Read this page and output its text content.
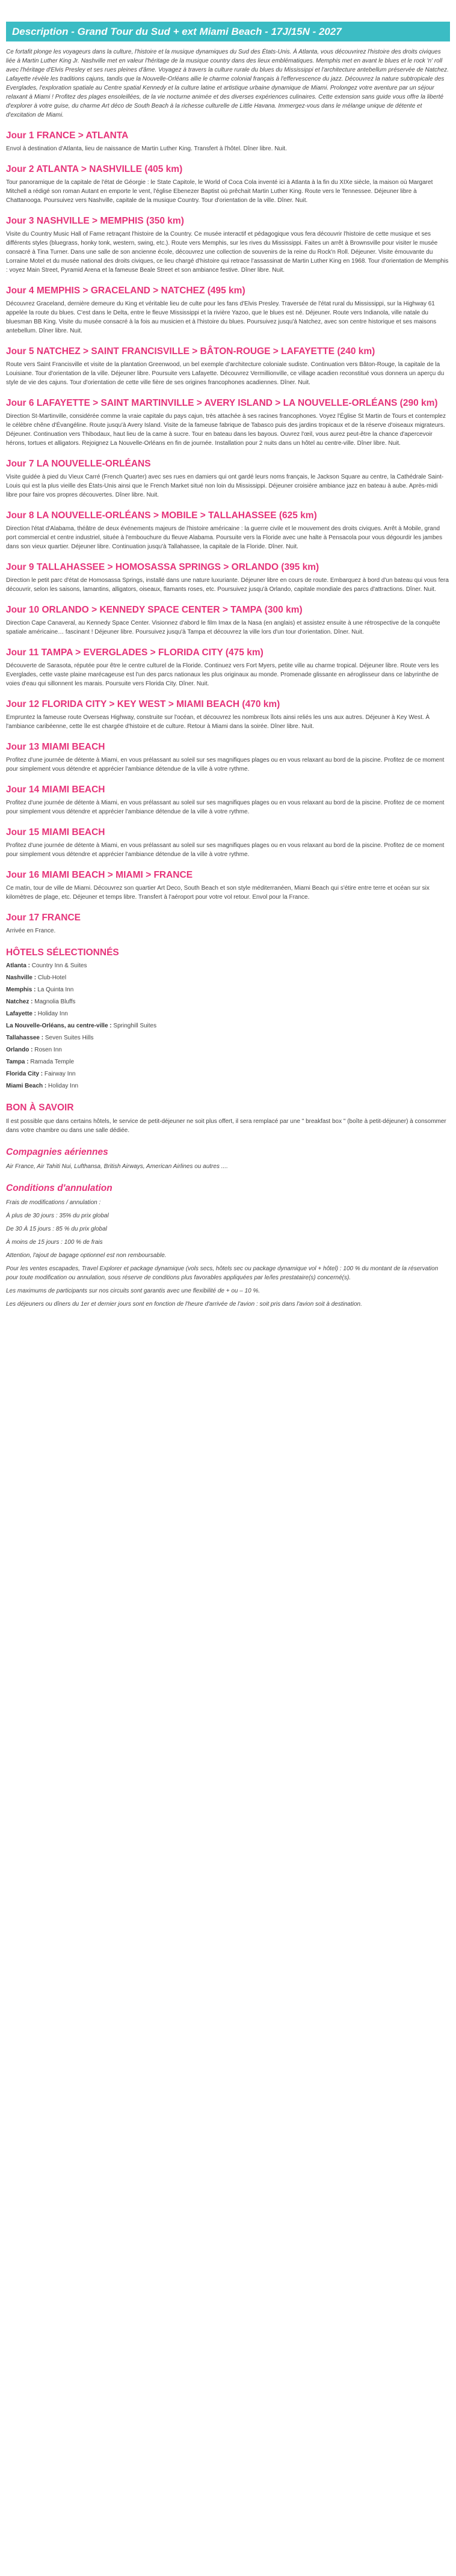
Description - Grand Tour du Sud + ext Miami Beach - 17J/15N - 2027

Ce fortafit plonge les voyageurs dans la culture, l'histoire et la musique dynamiques du Sud des États-Unis. À Atlanta, vous découvrirez l'histoire des droits civiques liée à Martin Luther King Jr. Nashville met en valeur l'héritage de la musique country dans des lieux emblématiques. Memphis met en avant le blues et le rock 'n' roll avec l'héritage d'Elvis Presley et ses rues pleines d'âme. Voyagez à travers la culture rurale du blues du Mississippi et l'architecture antebellum préservée de Natchez. Lafayette révèle les traditions cajuns, tandis que la Nouvelle-Orléans allie le charme colonial français à l'effervescence du jazz. Découvrez la nature subtropicale des Everglades, l'exploration spatiale au Centre spatial Kennedy et la culture latine et artistique urbaine dynamique de Miami. Prolongez votre aventure par un séjour relaxant à Miami ! Profitez des plages ensoleillées, de la vie nocturne animée et des diverses expériences culinaires. Cette extension sans guide vous offre la liberté d'explorer à votre guise, du charme Art déco de South Beach à la richesse culturelle de Little Havana. Immergez-vous dans le mélange unique de détente et d'excitation de Miami.

Jour 1 FRANCE > ATLANTA

Envol à destination d'Atlanta, lieu de naissance de Martin Luther King. Transfert à l'hôtel. Dîner libre. Nuit.

Jour 2 ATLANTA > NASHVILLE (405 km)

Tour panoramique de la capitale de l'état de Géorgie : le State Capitole, le World of Coca Cola inventé ici à Atlanta à la fin du XIXe siècle, la maison où Margaret Mitchell a rédigé son roman Autant en emporte le vent, l'église Ebenezer Baptist où prêchait Martin Luther King. Route vers le Tennessee. Déjeuner libre à Chattanooga. Poursuivez vers Nashville, capitale de la musique Country. Tour d'orientation de la ville. Dîner. Nuit.

Jour 3 NASHVILLE > MEMPHIS (350 km)

Visite du Country Music Hall of Fame retraçant l'histoire de la Country. Ce musée interactif et pédagogique vous fera découvrir l'histoire de cette musique et ses différents styles (bluegrass, honky tonk, western, swing, etc.). Route vers Memphis, sur les rives du Mississippi. Faites un arrêt à Brownsville pour visiter le musée consacré à Tina Turner. Dans une salle de son ancienne école, découvrez une collection de souvenirs de la reine du Rock'n Roll. Déjeuner. Visite émouvante du Lorraine Motel et du musée national des droits civiques, ce lieu chargé d'histoire qui retrace l'assassinat de Martin Luther King en 1968. Tour d'orientation de Memphis : voyez Main Street, Pyramid Arena et la fameuse Beale Street et son ambiance festive. Dîner libre. Nuit.

Jour 4 MEMPHIS > GRACELAND > NATCHEZ (495 km)

Découvrez Graceland, dernière demeure du King et véritable lieu de culte pour les fans d'Elvis Presley. Traversée de l'état rural du Mississippi, sur la Highway 61 appelée la route du blues. C'est dans le Delta, entre le fleuve Mississippi et la rivière Yazoo, que le blues est né. Déjeuner. Route vers Indianola, ville natale du bluesman BB King. Visite du musée consacré à la fois au musicien et à l'histoire du blues. Poursuivez jusqu'à Natchez, avec son centre historique et ses maisons antebellum. Dîner libre. Nuit.

Jour 5 NATCHEZ > SAINT FRANCISVILLE > BÂTON-ROUGE > LAFAYETTE (240 km)

Route vers Saint Francisville et visite de la plantation Greenwood, un bel exemple d'architecture coloniale sudiste. Continuation vers Bâton-Rouge, la capitale de la Louisiane. Tour d'orientation de la ville. Déjeuner libre. Poursuite vers Lafayette. Découvrez Vermillionville, ce village acadien reconstitué vous donnera un aperçu du style de vie des cajuns. Tour d'orientation de cette ville fière de ses origines francophones acadiennes. Dîner. Nuit.

Jour 6 LAFAYETTE > SAINT MARTINVILLE > AVERY ISLAND > LA NOUVELLE-ORLÉANS (290 km)

Direction St-Martinville, considérée comme la vraie capitale du pays cajun, très attachée à ses racines francophones. Voyez l'Église St Martin de Tours et contemplez le célèbre chêne d'Évangéline. Route jusqu'à Avery Island. Visite de la fameuse fabrique de Tabasco puis des jardins tropicaux et de la réserve d'oiseaux migrateurs. Déjeuner. Continuation vers Thibodaux, haut lieu de la came à sucre. Tour en bateau dans les bayous. Ouvrez l'œil, vous aurez peut-être la chance d'apercevoir hérons, tortues et alligators. Rejoignez La Nouvelle-Orléans en fin de journée. Installation pour 2 nuits dans un hôtel au centre-ville. Dîner libre. Nuit.

Jour 7 LA NOUVELLE-ORLÉANS

Visite guidée à pied du Vieux Carré (French Quarter) avec ses rues en damiers qui ont gardé leurs noms français, le Jackson Square au centre, la Cathédrale Saint-Louis qui est la plus vieille des États-Unis ainsi que le French Market situé non loin du Mississippi. Déjeuner croisière ambiance jazz en bateau à aube. Après-midi libre pour faire vos propres découvertes. Dîner libre. Nuit.

Jour 8 LA NOUVELLE-ORLÉANS > MOBILE > TALLAHASSEE (625 km)

Direction l'état d'Alabama, théâtre de deux événements majeurs de l'histoire américaine : la guerre civile et le mouvement des droits civiques. Arrêt à Mobile, grand port commercial et centre industriel, située à l'embouchure du fleuve Alabama. Poursuite vers la Floride avec une halte à Pensacola pour vous dégourdir les jambes dans son vieux quartier. Déjeuner libre. Continuation jusqu'à Tallahassee, la capitale de la Floride. Dîner. Nuit.

Jour 9 TALLAHASSEE > HOMOSASSA SPRINGS > ORLANDO (395 km)

Direction le petit parc d'état de Homosassa Springs, installé dans une nature luxuriante. Déjeuner libre en cours de route. Embarquez à bord d'un bateau qui vous fera découvrir, selon les saisons, lamantins, alligators, oiseaux, flamants roses, etc. Poursuivez jusqu'à Orlando, capitale mondiale des parcs d'attractions. Dîner. Nuit.

Jour 10 ORLANDO > KENNEDY SPACE CENTER > TAMPA (300 km)

Direction Cape Canaveral, au Kennedy Space Center. Visionnez d'abord le film Imax de la Nasa (en anglais) et assistez ensuite à une rétrospective de la conquête spatiale américaine… fascinant ! Déjeuner libre. Poursuivez jusqu'à Tampa et découvrez la ville lors d'un tour d'orientation. Dîner. Nuit.

Jour 11 TAMPA > EVERGLADES > FLORIDA CITY (475 km)

Découverte de Sarasota, réputée pour être le centre culturel de la Floride. Continuez vers Fort Myers, petite ville au charme tropical. Déjeuner libre. Route vers les Everglades, cette vaste plaine marécageuse est l'un des parcs nationaux les plus originaux au monde. Promenade glissante en aéroglisseur dans ce labyrinthe de voies d'eau qui sillonnent les marais. Poursuite vers Florida City. Dîner. Nuit.

Jour 12 FLORIDA CITY > KEY WEST > MIAMI BEACH (470 km)

Empruntez la fameuse route Overseas Highway, construite sur l'océan, et découvrez les nombreux îlots ainsi reliés les uns aux autres. Déjeuner à Key West. À l'ambiance caribéenne, cette île est chargée d'histoire et de culture. Retour à Miami dans la soirée. Dîner libre. Nuit.

Jour 13 MIAMI BEACH

Profitez d'une journée de détente à Miami, en vous prélassant au soleil sur ses magnifiques plages ou en vous relaxant au bord de la piscine. Profitez de ce moment pour simplement vous détendre et apprécier l'ambiance détendue de la ville à votre rythme.

Jour 14 MIAMI BEACH

Profitez d'une journée de détente à Miami, en vous prélassant au soleil sur ses magnifiques plages ou en vous relaxant au bord de la piscine. Profitez de ce moment pour simplement vous détendre et apprécier l'ambiance détendue de la ville à votre rythme.

Jour 15 MIAMI BEACH

Profitez d'une journée de détente à Miami, en vous prélassant au soleil sur ses magnifiques plages ou en vous relaxant au bord de la piscine. Profitez de ce moment pour simplement vous détendre et apprécier l'ambiance détendue de la ville à votre rythme.

Jour 16 MIAMI BEACH > MIAMI > FRANCE

Ce matin, tour de ville de Miami. Découvrez son quartier Art Deco, South Beach et son style méditerranéen, Miami Beach qui s'étire entre terre et océan sur six kilomètres de plage, etc. Déjeuner et temps libre. Transfert à l'aéroport pour votre vol retour. Envol pour la France.

Jour 17 FRANCE

Arrivée en France.

HÔTELS SÉLECTIONNÉS

Atlanta : Country Inn & Suites

Nashville : Club-Hotel

Memphis : La Quinta Inn

Natchez : Magnolia Bluffs

Lafayette : Holiday Inn

La Nouvelle-Orléans, au centre-ville : Springhill Suites

Tallahassee : Seven Suites Hills

Orlando : Rosen Inn

Tampa : Ramada Temple

Florida City : Fairway Inn

Miami Beach : Holiday Inn

BON À SAVOIR

Il est possible que dans certains hôtels, le service de petit-déjeuner ne soit plus offert, il sera remplacé par une " breakfast box " (boîte à petit-déjeuner) à consommer dans votre chambre ou dans une salle dédiée.

Compagnies aériennes

Air France, Air Tahiti Nui, Lufthansa, British Airways, American Airlines ou autres ....

Conditions d'annulation

Frais de modifications / annulation :

À plus de 30 jours : 35% du prix global

De 30 À 15 jours : 85 % du prix global

À moins de 15 jours : 100 % de frais

Attention, l'ajout de bagage optionnel est non remboursable.

Pour les ventes escapades, Travel Explorer et package dynamique (vols secs, hôtels sec ou package dynamique vol + hôtel) : 100 % du montant de la réservation pour toute modification ou annulation, sous réserve de conditions plus favorables appliquées par le/les prestataire(s) concerné(s).

Les maximums de participants sur nos circuits sont garantis avec une flexibilité de + ou – 10 %.

Les déjeuners ou dîners du 1er et dernier jours sont en fonction de l'heure d'arrivée de l'avion : soit pris dans l'avion soit à destination.
